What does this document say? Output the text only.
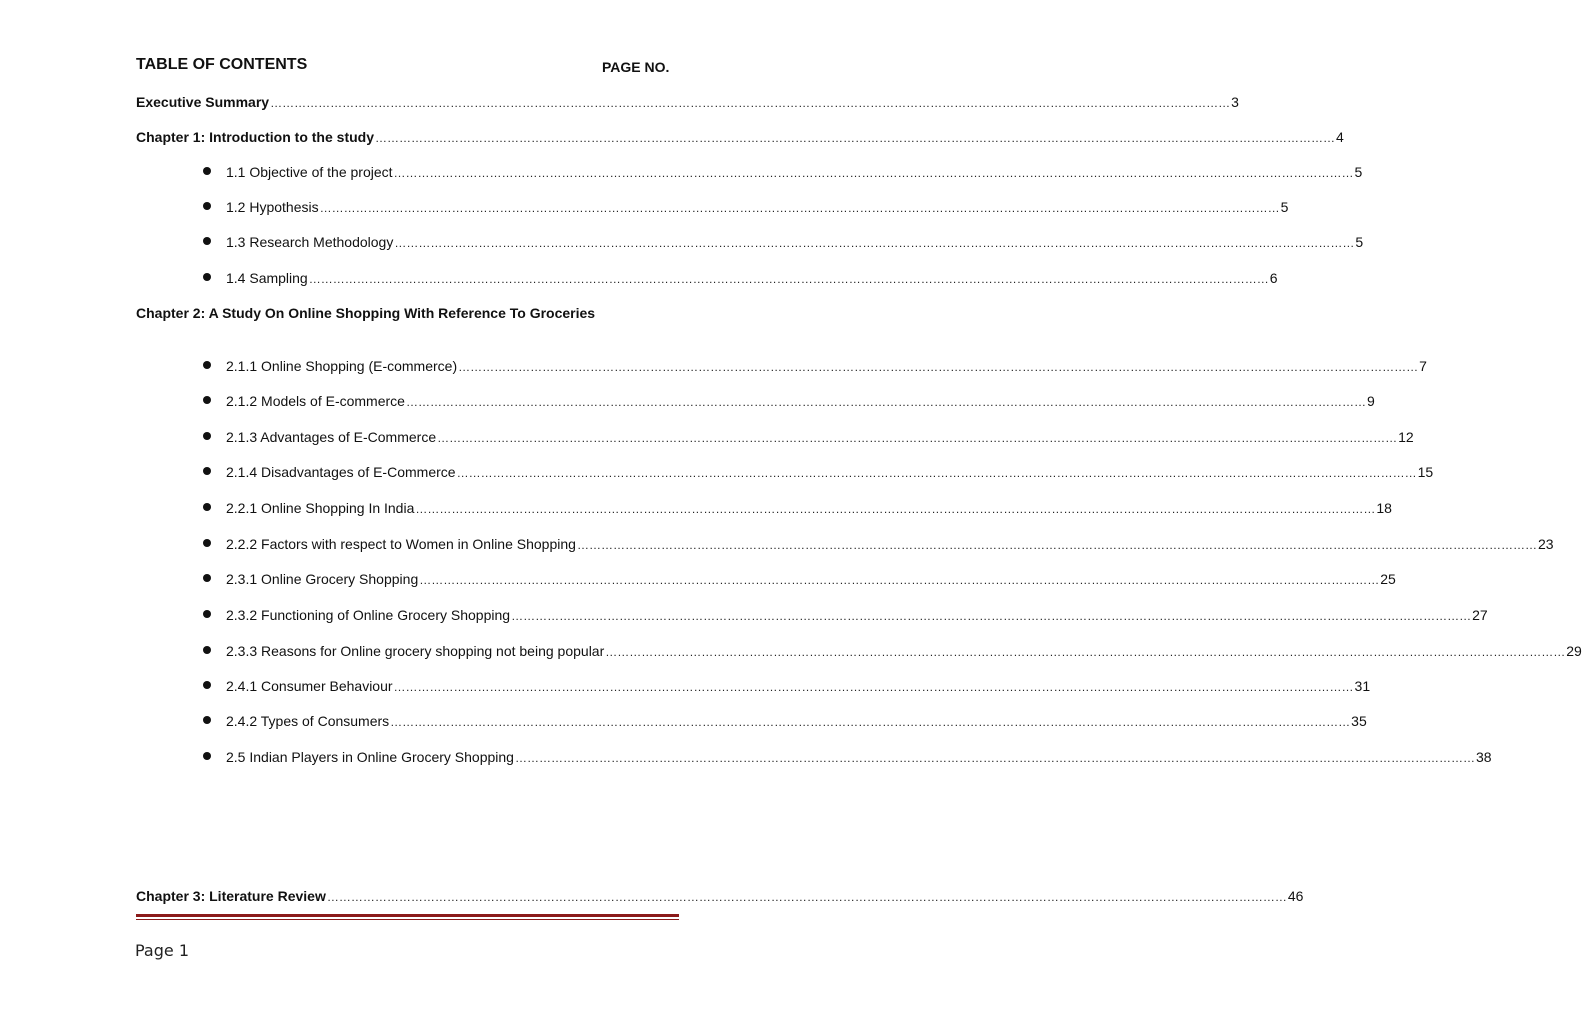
TABLE OF CONTENTS	PAGE NO.
Executive Summary …………………………………………………………………………………………………………………………………………………………………………………………………………………… 3
Chapter 1: Introduction to the study …………………………………………………………………………………………………………………………………………………………………………………………………………………… 4
1.1 Objective of the project …………………………………………………………………………………………………………………………………………………………………………………………………………………… 5
1.2 Hypothesis …………………………………………………………………………………………………………………………………………………………………………………………………………………… 5
1.3 Research Methodology …………………………………………………………………………………………………………………………………………………………………………………………………………………… 5
1.4 Sampling …………………………………………………………………………………………………………………………………………………………………………………………………………………… 6
Chapter 2: A Study On Online Shopping With Reference To Groceries
2.1.1 Online Shopping (E-commerce) …………………………………………………………………………………………………………………………………………………………………………………………………………………… 7
2.1.2 Models of E-commerce …………………………………………………………………………………………………………………………………………………………………………………………………………………… 9
2.1.3 Advantages of E-Commerce …………………………………………………………………………………………………………………………………………………………………………………………………………………… 12
2.1.4 Disadvantages of E-Commerce …………………………………………………………………………………………………………………………………………………………………………………………………………………… 15
2.2.1 Online Shopping In India …………………………………………………………………………………………………………………………………………………………………………………………………………………… 18
2.2.2 Factors with respect to Women in Online Shopping …………………………………………………………………………………………………………………………………………………………………………………………………………………… 23
2.3.1 Online Grocery Shopping …………………………………………………………………………………………………………………………………………………………………………………………………………………… 25
2.3.2 Functioning of Online Grocery Shopping …………………………………………………………………………………………………………………………………………………………………………………………………………………… 27
2.3.3 Reasons for Online grocery shopping not being popular …………………………………………………………………………………………………………………………………………………………………………………………………………………… 29
2.4.1 Consumer Behaviour …………………………………………………………………………………………………………………………………………………………………………………………………………………… 31
2.4.2 Types of Consumers …………………………………………………………………………………………………………………………………………………………………………………………………………………… 35
2.5 Indian Players in Online Grocery Shopping …………………………………………………………………………………………………………………………………………………………………………………………………………………… 38
Chapter 3: Literature Review …………………………………………………………………………………………………………………………………………………………………………………………………………………… 46
Page 1
